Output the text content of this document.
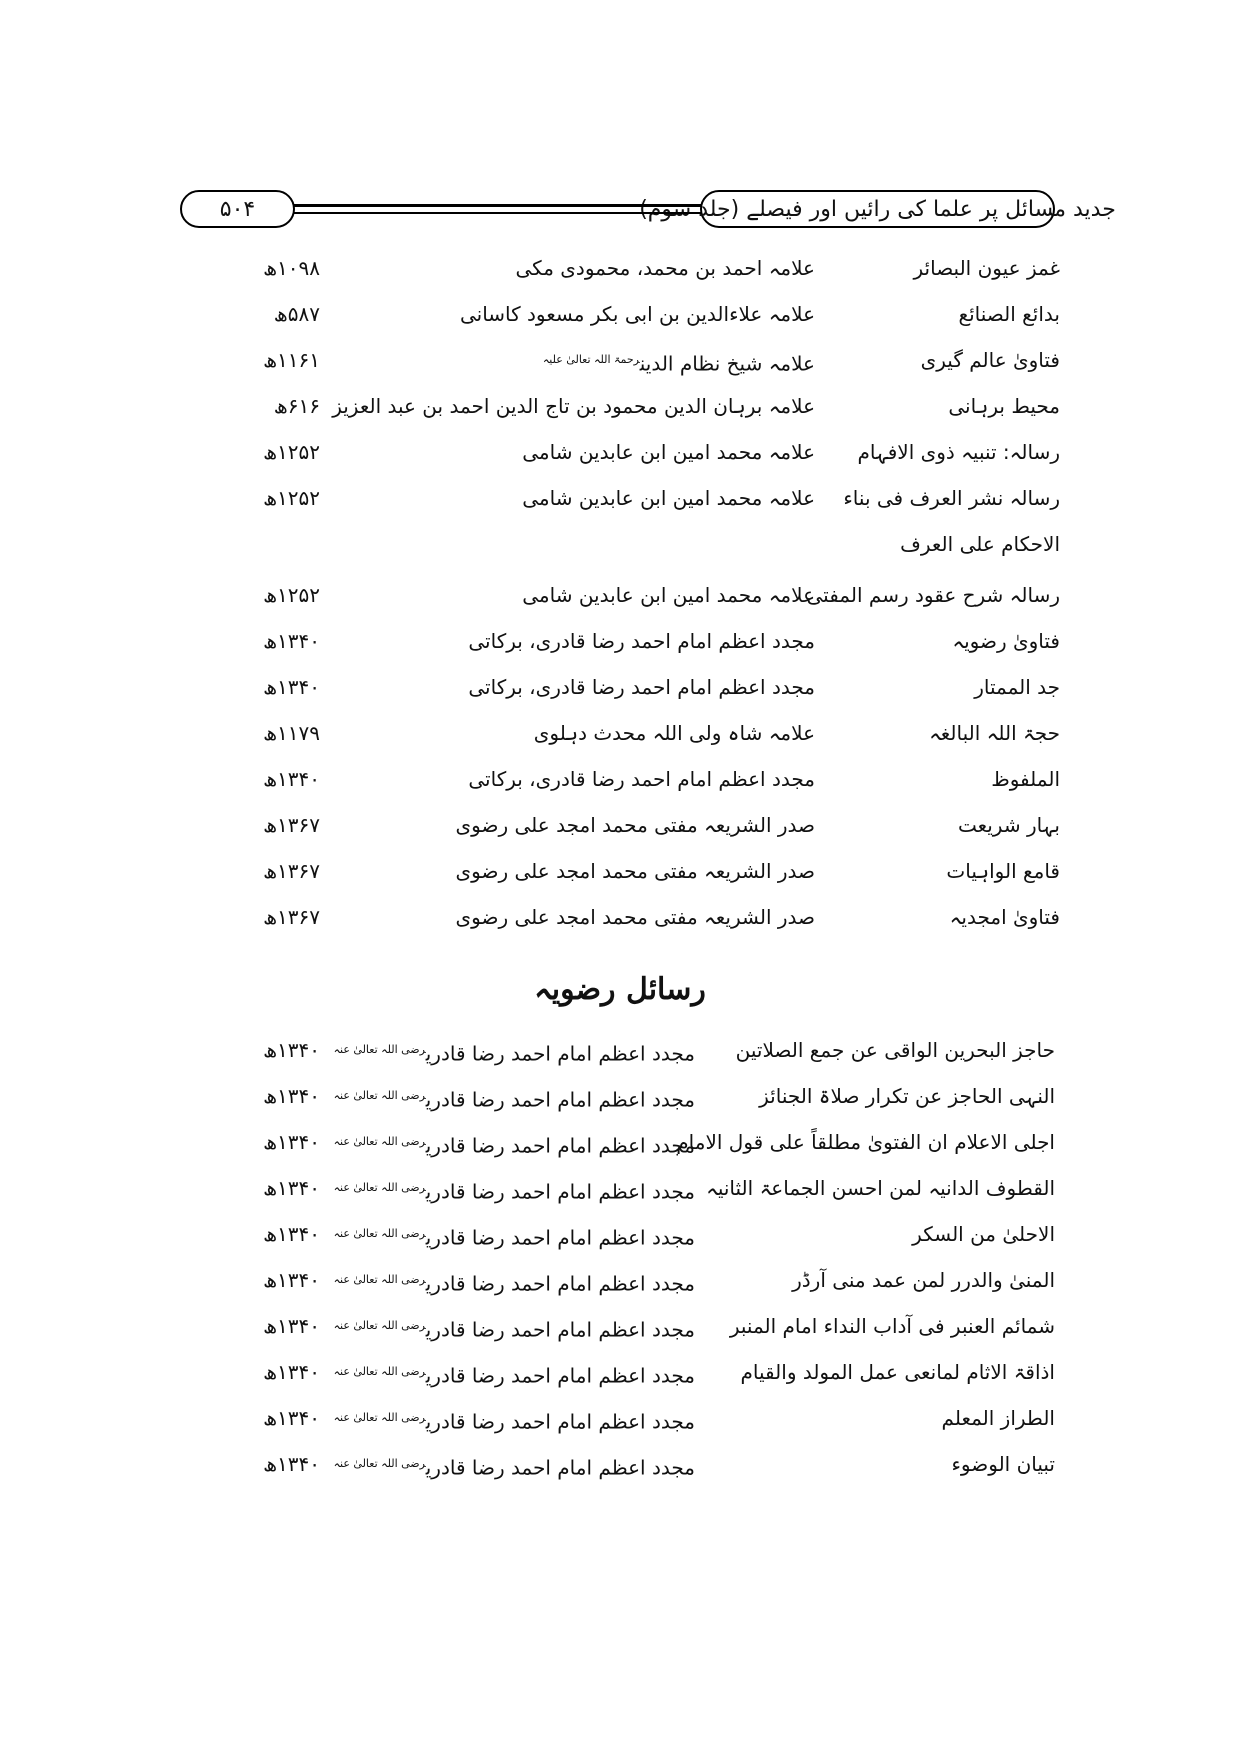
جدید مسائل پر علما کی رائیں اور فیصلے (جلد سوم)
۵۰۴
غمز عیون البصائر
علامہ احمد بن محمد، محمودی مکی
۱۰۹۸ھ
بدائع الصنائع
علامہ علاءالدین بن ابی بکر مسعود کاسانی
۵۸۷ھ
فتاویٰ عالم گیری
علامہ شیخ نظام الدین$^{رحمۃ اللہ تعالیٰ علیہ}$
۱۱۶۱ھ
محیط برہانی
علامہ برہان الدین محمود بن تاج الدین احمد بن عبد العزیز
۶۱۶ھ
رسالہ: تنبیہ ذوی الافہام
علامہ محمد امین ابن عابدین شامی
۱۲۵۲ھ
رسالہ نشر العرف فی بناء
علامہ محمد امین ابن عابدین شامی
۱۲۵۲ھ
الاحکام علی العرف
رسالہ شرح عقود رسم المفتی
علامہ محمد امین ابن عابدین شامی
۱۲۵۲ھ
فتاویٰ رضویہ
مجدد اعظم امام احمد رضا قادری، برکاتی
۱۳۴۰ھ
جد الممتار
مجدد اعظم امام احمد رضا قادری، برکاتی
۱۳۴۰ھ
حجۃ اللہ البالغہ
علامہ شاہ ولی اللہ محدث دہلوی
۱۱۷۹ھ
الملفوظ
مجدد اعظم امام احمد رضا قادری، برکاتی
۱۳۴۰ھ
بہار شریعت
صدر الشریعہ مفتی محمد امجد علی رضوی
۱۳۶۷ھ
قامع الواہیات
صدر الشریعہ مفتی محمد امجد علی رضوی
۱۳۶۷ھ
فتاویٰ امجدیہ
صدر الشریعہ مفتی محمد امجد علی رضوی
۱۳۶۷ھ
رسائل رضویہ
حاجز البحرین الواقی عن جمع الصلاتین
مجدد اعظم امام احمد رضا قادری$^{رضی اللہ تعالیٰ عنہ}$
۱۳۴۰ھ
النہی الحاجز عن تکرار صلاۃ الجنائز
مجدد اعظم امام احمد رضا قادری$^{رضی اللہ تعالیٰ عنہ}$
۱۳۴۰ھ
اجلی الاعلام ان الفتویٰ مطلقاً علی قول الامام
مجدد اعظم امام احمد رضا قادری$^{رضی اللہ تعالیٰ عنہ}$
۱۳۴۰ھ
القطوف الدانیہ لمن احسن الجماعۃ الثانیہ
مجدد اعظم امام احمد رضا قادری$^{رضی اللہ تعالیٰ عنہ}$
۱۳۴۰ھ
الاحلیٰ من السکر
مجدد اعظم امام احمد رضا قادری$^{رضی اللہ تعالیٰ عنہ}$
۱۳۴۰ھ
المنیٰ والدرر لمن عمد منی آرڈر
مجدد اعظم امام احمد رضا قادری$^{رضی اللہ تعالیٰ عنہ}$
۱۳۴۰ھ
شمائم العنبر فی آداب النداء امام المنبر
مجدد اعظم امام احمد رضا قادری$^{رضی اللہ تعالیٰ عنہ}$
۱۳۴۰ھ
اذاقۃ الاثام لمانعی عمل المولد والقیام
مجدد اعظم امام احمد رضا قادری$^{رضی اللہ تعالیٰ عنہ}$
۱۳۴۰ھ
الطراز المعلم
مجدد اعظم امام احمد رضا قادری$^{رضی اللہ تعالیٰ عنہ}$
۱۳۴۰ھ
تبیان الوضوء
مجدد اعظم امام احمد رضا قادری$^{رضی اللہ تعالیٰ عنہ}$
۱۳۴۰ھ
